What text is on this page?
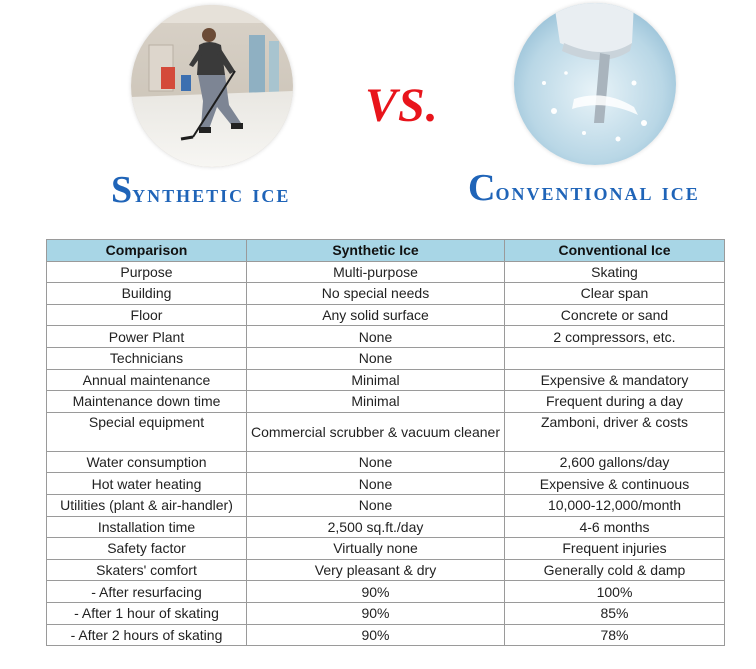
VS.
Synthetic ice	Conventional ice
Comparison	Synthetic Ice	Conventional Ice
Purpose	Multi-purpose	Skating
Building	No special needs	Clear span
Floor	Any solid surface	Concrete or sand
Power Plant	None	2 compressors, etc.
Technicians	None	
Annual maintenance	Minimal	Expensive & mandatory
Maintenance down time	Minimal	Frequent during a day
Special equipment	Commercial scrubber & vacuum cleaner	Zamboni, driver & costs
Water consumption	None	2,600 gallons/day
Hot water heating	None	Expensive & continuous
Utilities (plant & air-handler)	None	10,000-12,000/month
Installation time	2,500 sq.ft./day	4-6 months
Safety factor	Virtually none	Frequent injuries
Skaters' comfort	Very pleasant & dry	Generally cold & damp
- After resurfacing	90%	100%
- After 1 hour of skating	90%	85%
- After 2 hours of skating	90%	78%
